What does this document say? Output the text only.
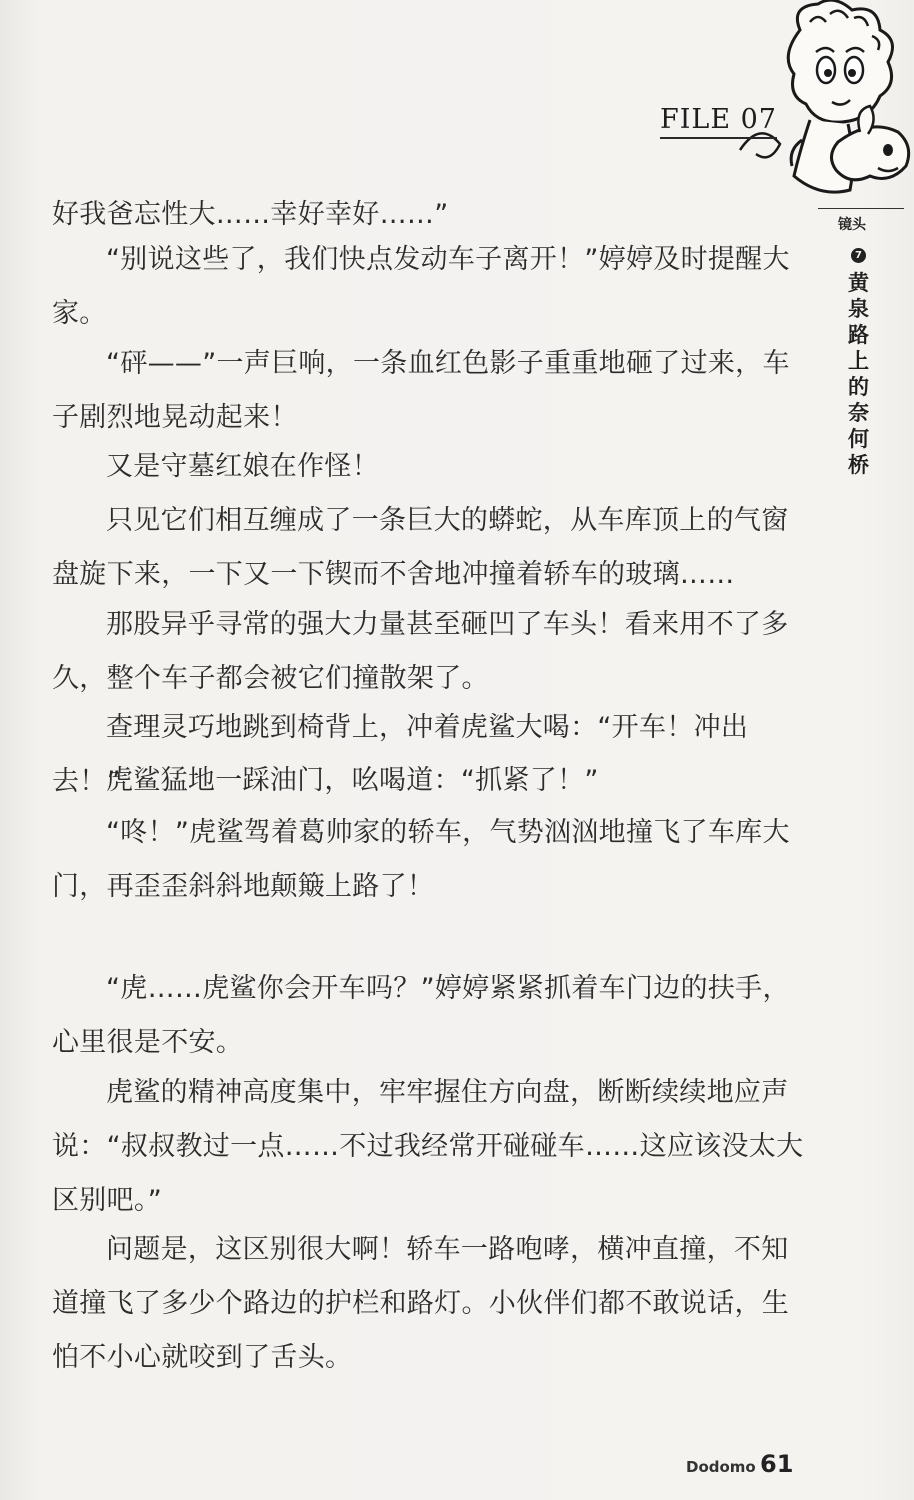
FILE 07
镜头
7
黄泉路上的奈何桥
好我爸忘性大……幸好幸好……”
“别说这些了，我们快点发动车子离开！”婷婷及时提醒大家。
“砰——”一声巨响，一条血红色影子重重地砸了过来，车子剧烈地晃动起来！
又是守墓红娘在作怪！
只见它们相互缠成了一条巨大的蟒蛇，从车库顶上的气窗盘旋下来，一下又一下锲而不舍地冲撞着轿车的玻璃……
那股异乎寻常的强大力量甚至砸凹了车头！看来用不了多久，整个车子都会被它们撞散架了。
查理灵巧地跳到椅背上，冲着虎鲨大喝：“开车！冲出去！”
虎鲨猛地一踩油门，吆喝道：“抓紧了！”
“咚！”虎鲨驾着葛帅家的轿车，气势汹汹地撞飞了车库大门，再歪歪斜斜地颠簸上路了！
“虎……虎鲨你会开车吗？”婷婷紧紧抓着车门边的扶手，心里很是不安。
虎鲨的精神高度集中，牢牢握住方向盘，断断续续地应声说：“叔叔教过一点……不过我经常开碰碰车……这应该没太大区别吧。”
问题是，这区别很大啊！轿车一路咆哮，横冲直撞，不知道撞飞了多少个路边的护栏和路灯。小伙伴们都不敢说话，生怕不小心就咬到了舌头。
Dodomo 61
